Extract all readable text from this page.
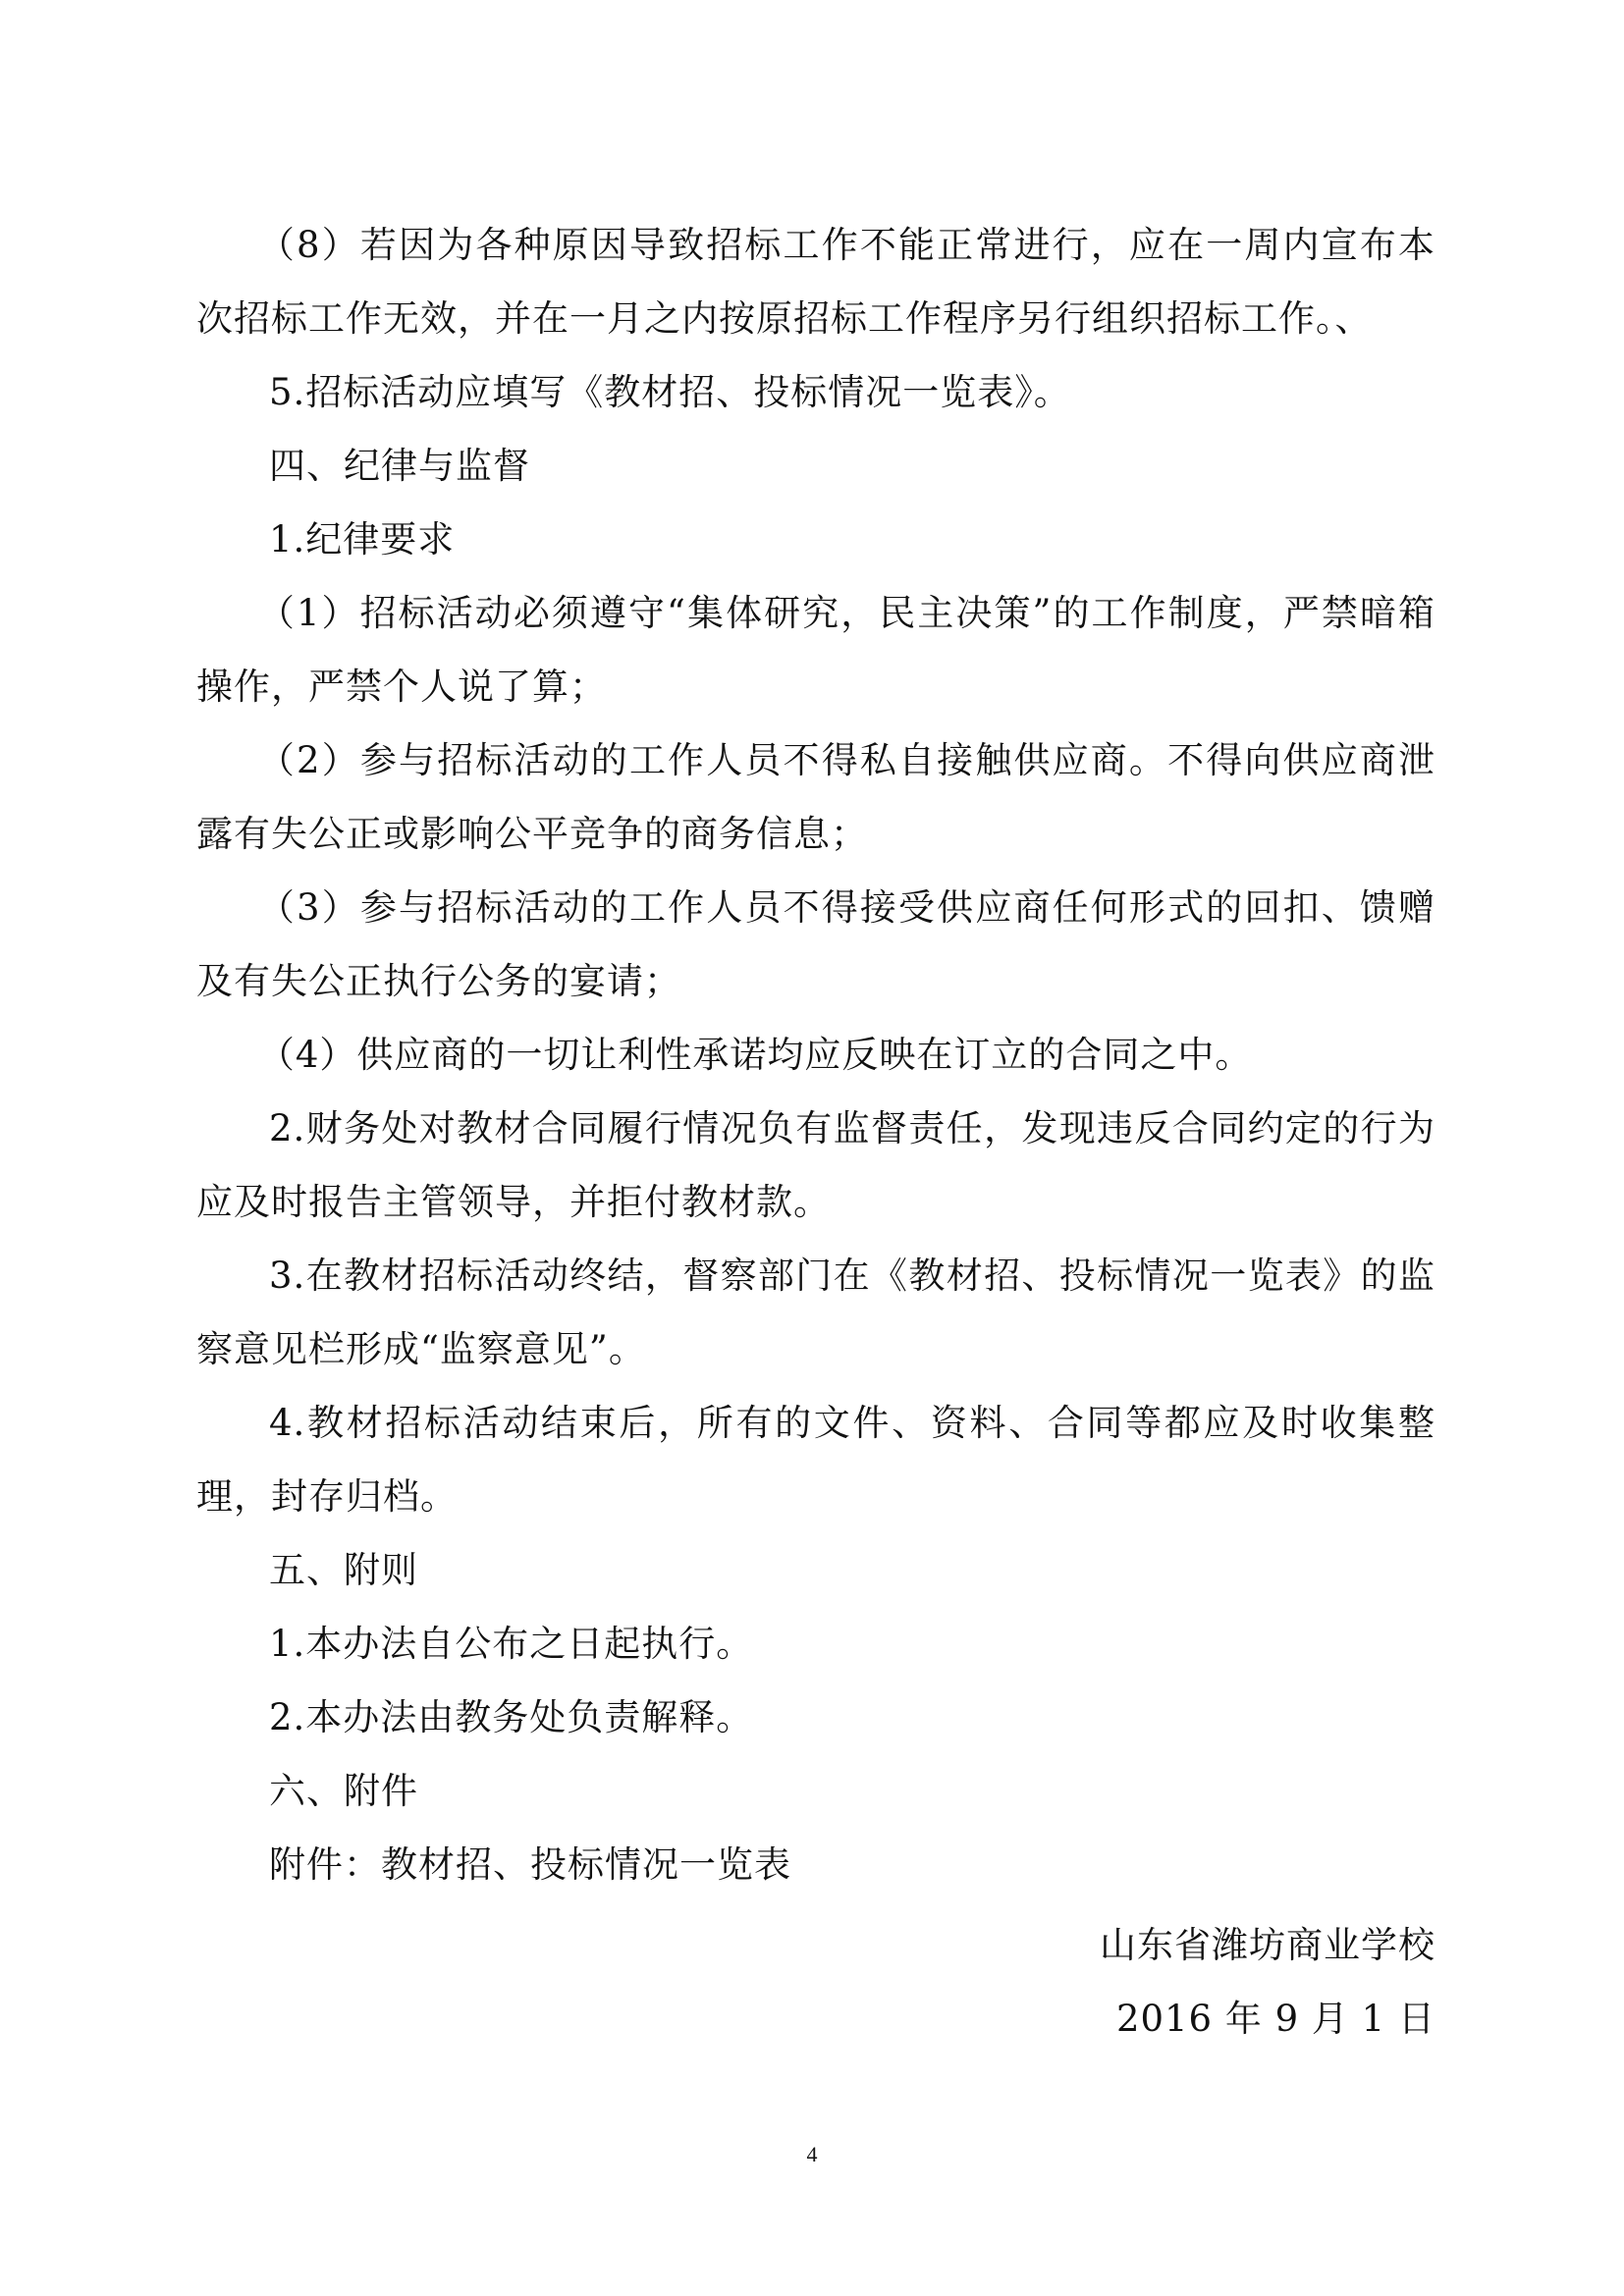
（8）若因为各种原因导致招标工作不能正常进行，应在一周内宣布本次招标工作无效，并在一月之内按原招标工作程序另行组织招标工作。、

5.招标活动应填写《教材招、投标情况一览表》。

四、纪律与监督

1.纪律要求

（1）招标活动必须遵守“集体研究，民主决策”的工作制度，严禁暗箱操作，严禁个人说了算；

（2）参与招标活动的工作人员不得私自接触供应商。不得向供应商泄露有失公正或影响公平竞争的商务信息；

（3）参与招标活动的工作人员不得接受供应商任何形式的回扣、馈赠及有失公正执行公务的宴请；

（4）供应商的一切让利性承诺均应反映在订立的合同之中。

2.财务处对教材合同履行情况负有监督责任，发现违反合同约定的行为应及时报告主管领导，并拒付教材款。

3.在教材招标活动终结，督察部门在《教材招、投标情况一览表》的监察意见栏形成“监察意见”。

4.教材招标活动结束后，所有的文件、资料、合同等都应及时收集整理，封存归档。

五、附则

1.本办法自公布之日起执行。

2.本办法由教务处负责解释。

六、附件

附件：教材招、投标情况一览表

山东省潍坊商业学校

2016 年 9 月 1 日

4
